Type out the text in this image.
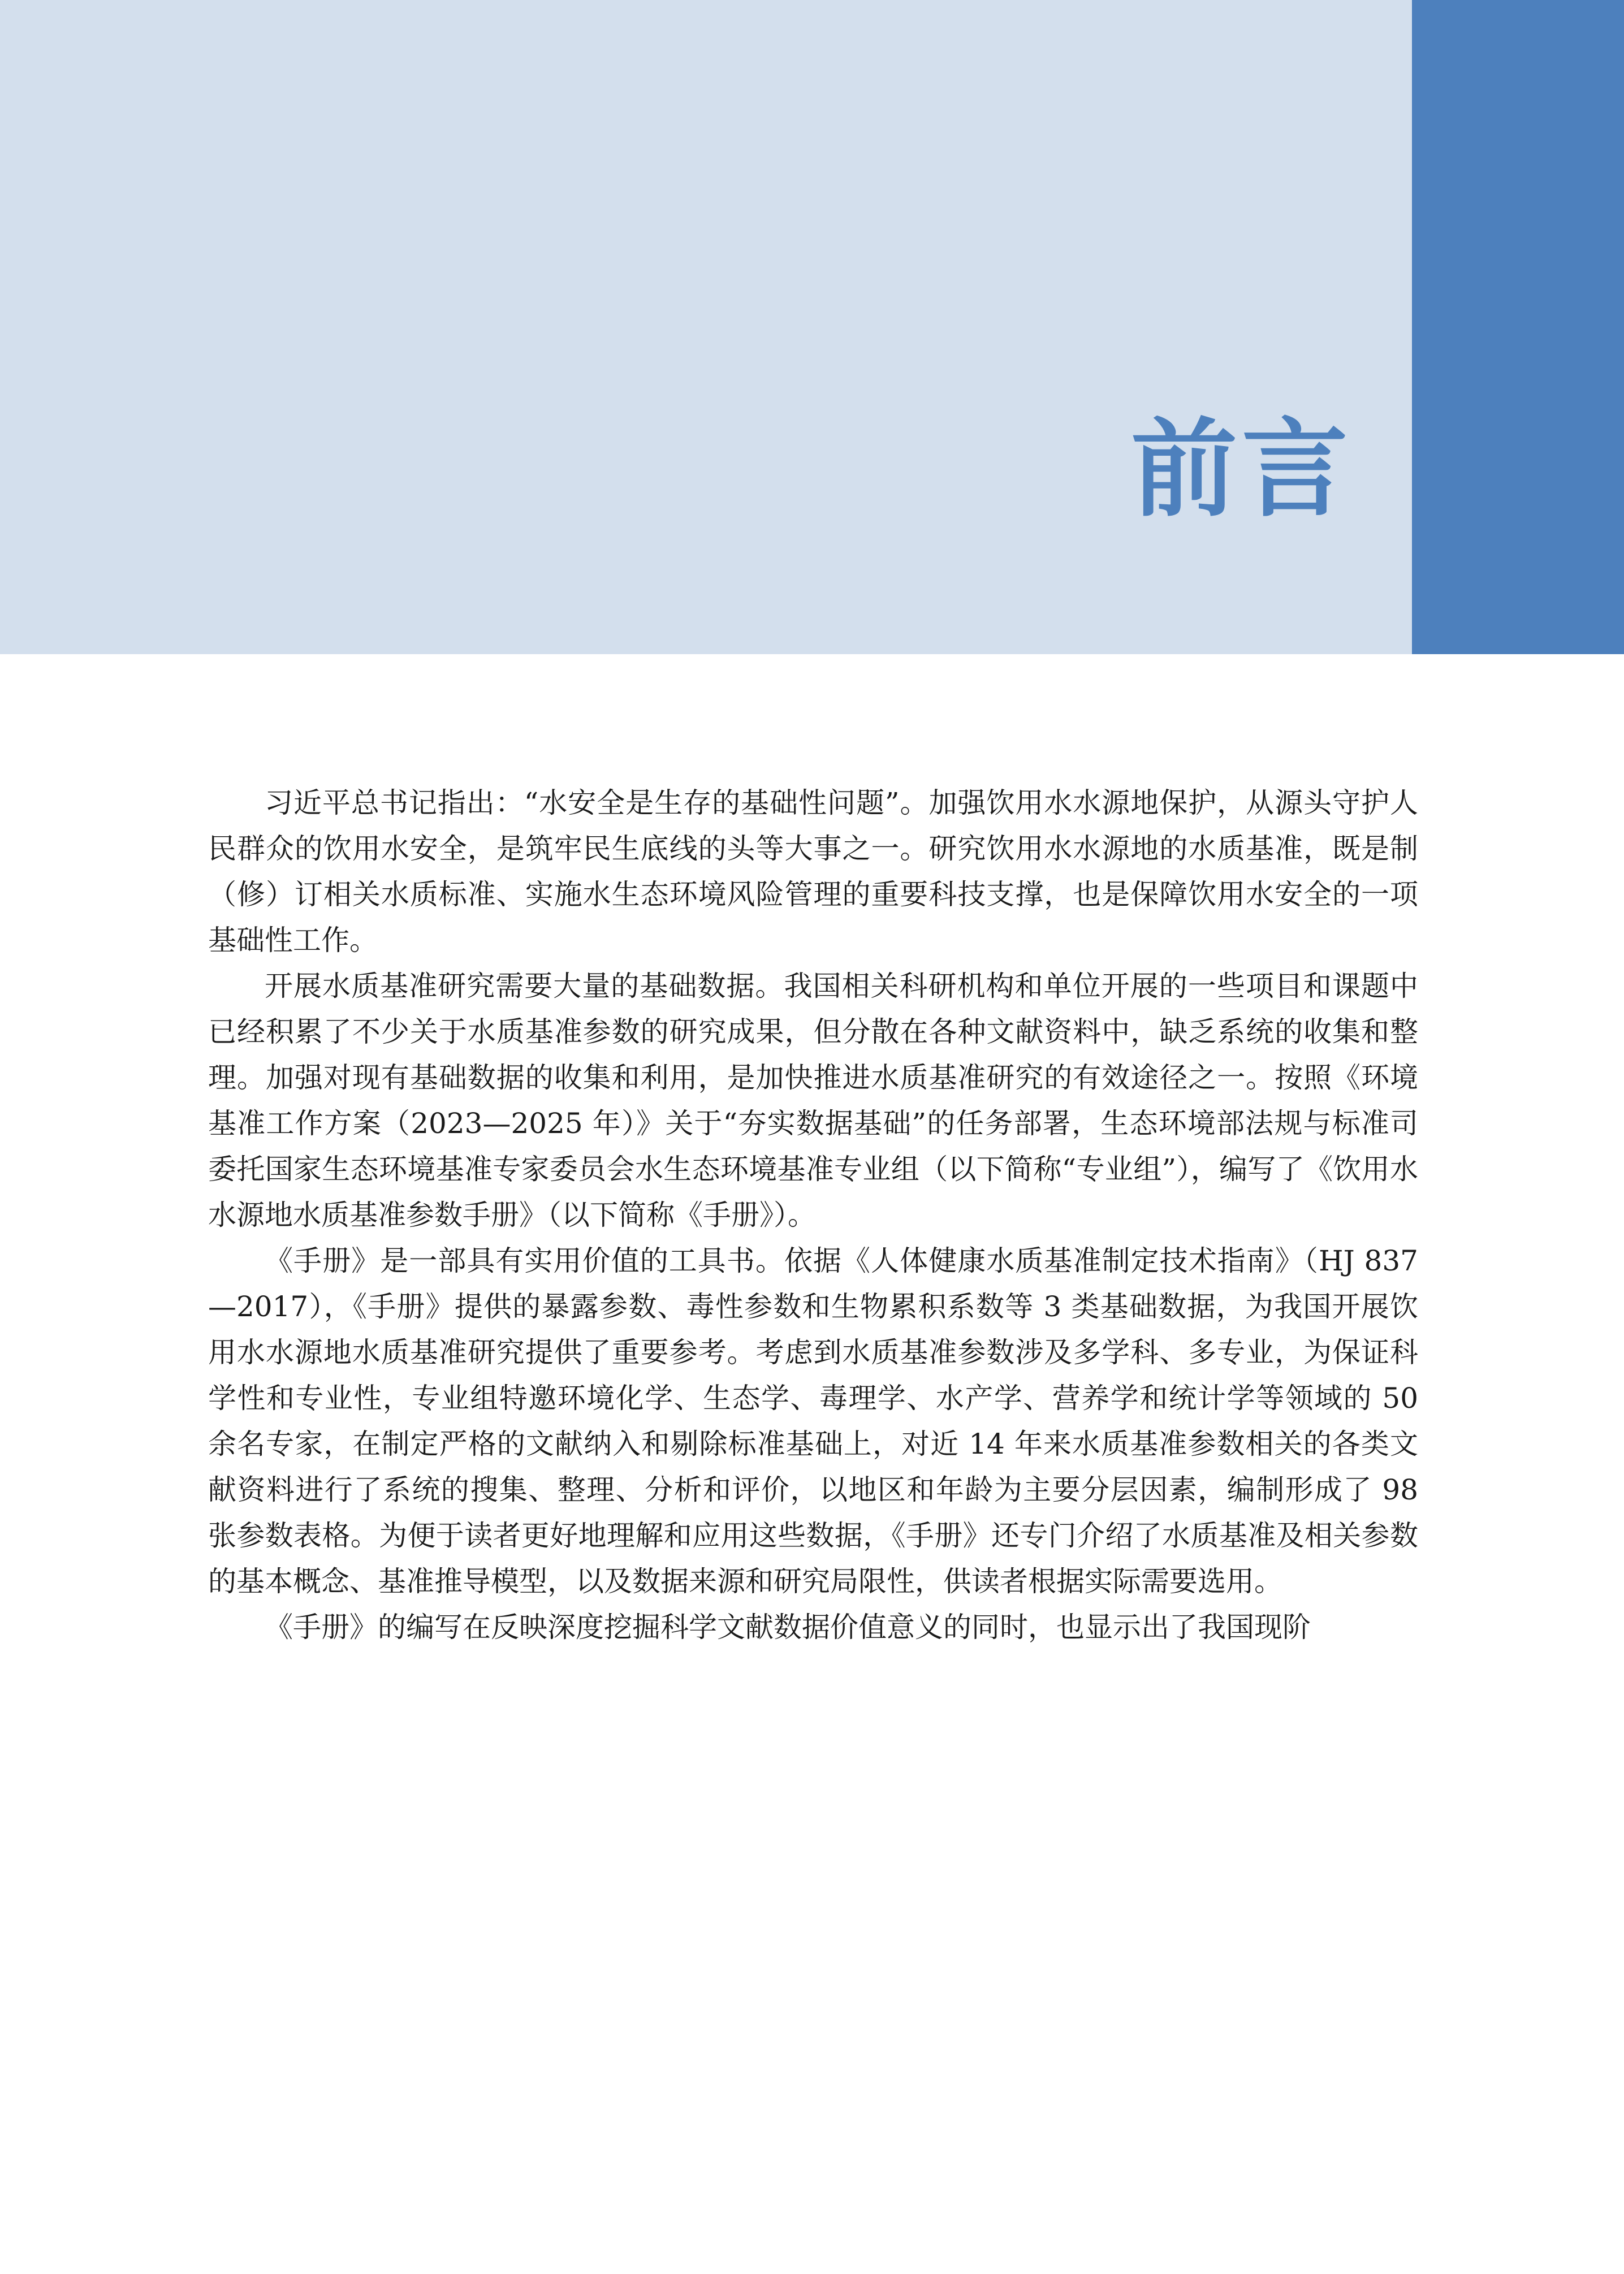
前言

习近平总书记指出：“水安全是生存的基础性问题”。加强饮用水水源地保护，从源头守护人民群众的饮用水安全，是筑牢民生底线的头等大事之一。研究饮用水水源地的水质基准，既是制（修）订相关水质标准、实施水生态环境风险管理的重要科技支撑，也是保障饮用水安全的一项基础性工作。

开展水质基准研究需要大量的基础数据。我国相关科研机构和单位开展的一些项目和课题中已经积累了不少关于水质基准参数的研究成果，但分散在各种文献资料中，缺乏系统的收集和整理。加强对现有基础数据的收集和利用，是加快推进水质基准研究的有效途径之一。按照《环境基准工作方案（2023—2025 年）》关于“夯实数据基础”的任务部署，生态环境部法规与标准司委托国家生态环境基准专家委员会水生态环境基准专业组（以下简称“专业组”），编写了《饮用水水源地水质基准参数手册》（以下简称《手册》）。

《手册》是一部具有实用价值的工具书。依据《人体健康水质基准制定技术指南》（HJ 837—2017），《手册》提供的暴露参数、毒性参数和生物累积系数等 3 类基础数据，为我国开展饮用水水源地水质基准研究提供了重要参考。考虑到水质基准参数涉及多学科、多专业，为保证科学性和专业性，专业组特邀环境化学、生态学、毒理学、水产学、营养学和统计学等领域的 50 余名专家，在制定严格的文献纳入和剔除标准基础上，对近 14 年来水质基准参数相关的各类文献资料进行了系统的搜集、整理、分析和评价，以地区和年龄为主要分层因素，编制形成了 98 张参数表格。为便于读者更好地理解和应用这些数据，《手册》还专门介绍了水质基准及相关参数的基本概念、基准推导模型，以及数据来源和研究局限性，供读者根据实际需要选用。

《手册》的编写在反映深度挖掘科学文献数据价值意义的同时，也显示出了我国现阶
